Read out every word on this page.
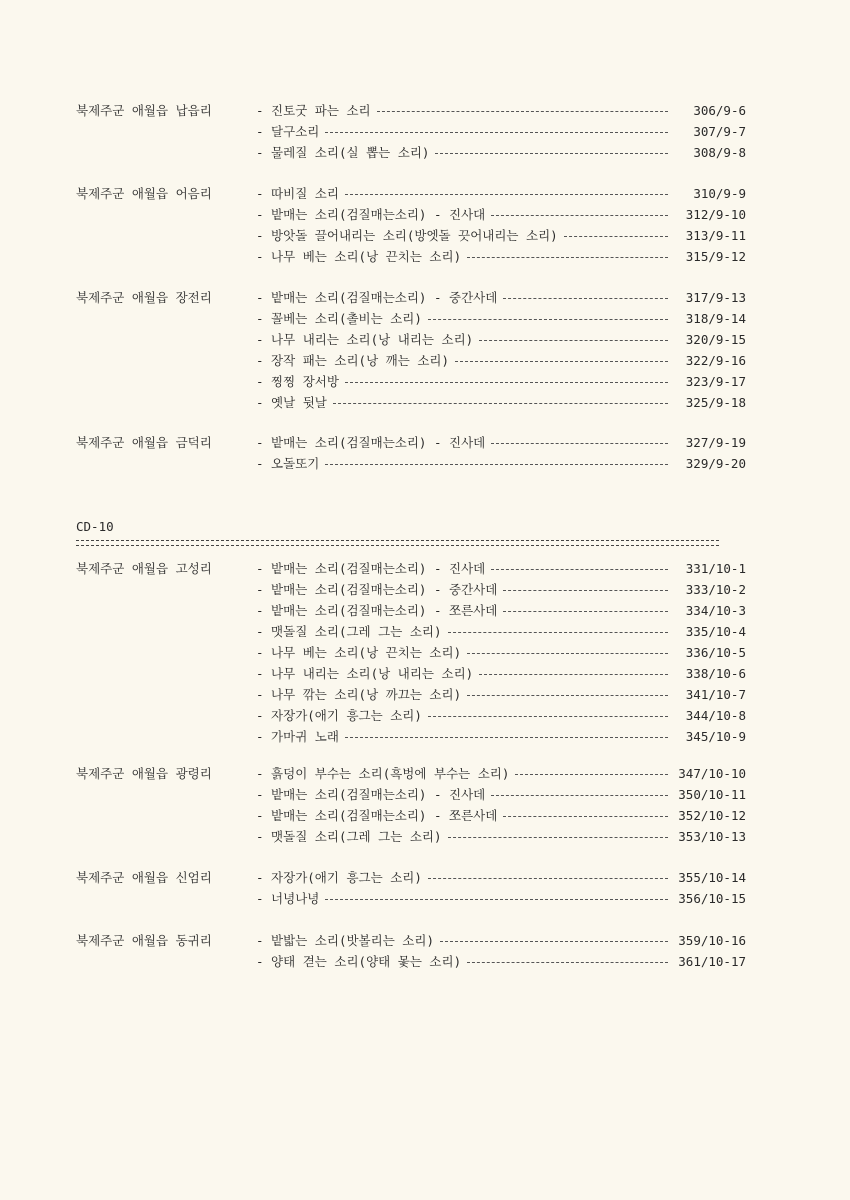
북제주군 애월읍 납읍리	- 진토굿 파는 소리	306/9-6
- 달구소리	307/9-7
- 물레질 소리(실 뽑는 소리)	308/9-8
북제주군 애월읍 어음리	- 따비질 소리	310/9-9
- 밭매는 소리(검질매는소리) - 진사대	312/9-10
- 방앗돌 끌어내리는 소리(방엣돌 끗어내리는 소리)	313/9-11
- 나무 베는 소리(낭 끈치는 소리)	315/9-12
북제주군 애월읍 장전리	- 밭매는 소리(검질매는소리) - 중간사데	317/9-13
- 꼴베는 소리(촐비는 소리)	318/9-14
- 나무 내리는 소리(낭 내리는 소리)	320/9-15
- 장작 패는 소리(낭 깨는 소리)	322/9-16
- 찡찡 장서방	323/9-17
- 옛날 뒷날	325/9-18
북제주군 애월읍 금덕리	- 밭매는 소리(검질매는소리) - 진사데	327/9-19
- 오돌또기	329/9-20
CD-10
북제주군 애월읍 고성리	- 밭매는 소리(검질매는소리) - 진사데	331/10-1
- 밭매는 소리(검질매는소리) - 중간사데	333/10-2
- 밭매는 소리(검질매는소리) - 쪼른사데	334/10-3
- 맷돌질 소리(그레 그는 소리)	335/10-4
- 나무 베는 소리(낭 끈치는 소리)	336/10-5
- 나무 내리는 소리(낭 내리는 소리)	338/10-6
- 나무 깎는 소리(낭 까끄는 소리)	341/10-7
- 자장가(애기 흥그는 소리)	344/10-8
- 가마귀 노래	345/10-9
북제주군 애월읍 광령리	- 흙덩이 부수는 소리(흑벙에 부수는 소리)	347/10-10
- 밭매는 소리(검질매는소리) - 진사데	350/10-11
- 밭매는 소리(검질매는소리) - 쪼른사데	352/10-12
- 맷돌질 소리(그레 그는 소리)	353/10-13
북제주군 애월읍 신엄리	- 자장가(애기 흥그는 소리)	355/10-14
- 너녕나녕	356/10-15
북제주군 애월읍 동귀리	- 밭밟는 소리(밧볼리는 소리)	359/10-16
- 양태 겯는 소리(양태 몿는 소리)	361/10-17
